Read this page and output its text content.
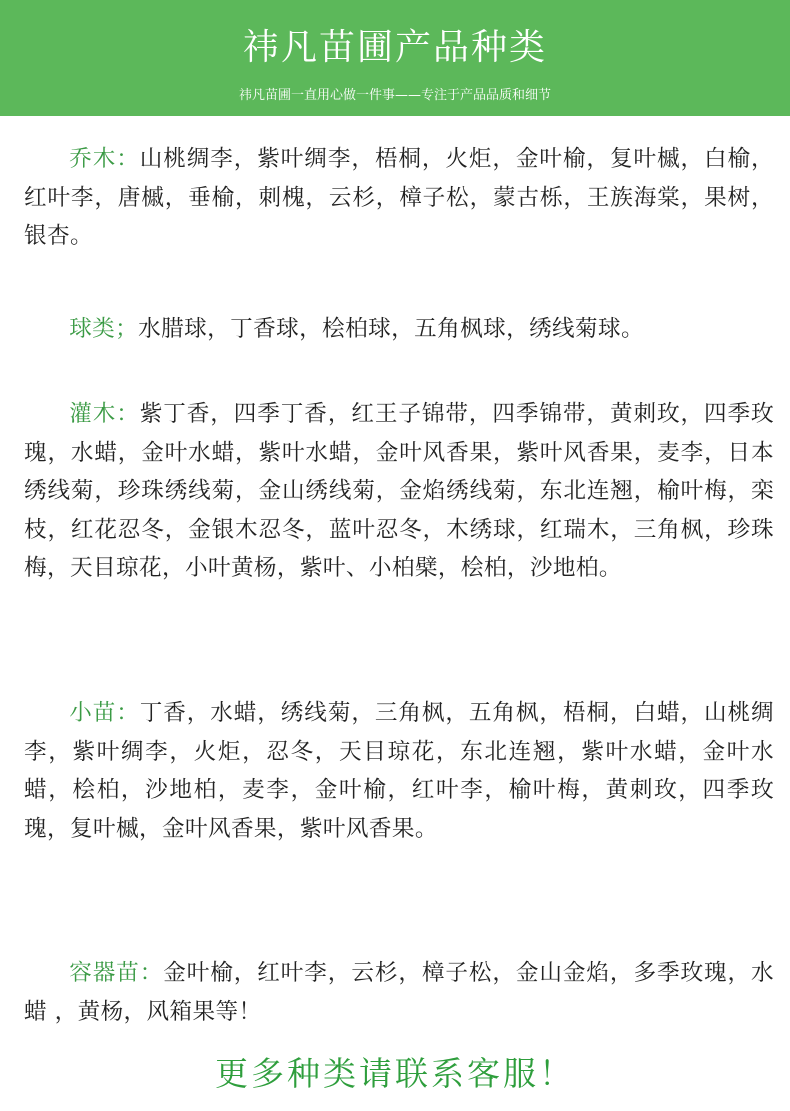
祎凡苗圃产品种类
祎凡苗圃一直用心做一件事——专注于产品品质和细节

乔木：山桃绸李，紫叶绸李，梧桐，火炬，金叶榆，复叶槭，白榆，红叶李，唐槭，垂榆，刺槐，云杉，樟子松，蒙古栎，王族海棠，果树，银杏。

球类；水腊球，丁香球，桧柏球，五角枫球，绣线菊球。

灌木：紫丁香，四季丁香，红王子锦带，四季锦带，黄刺玫，四季玫瑰，水蜡，金叶水蜡，紫叶水蜡，金叶风香果，紫叶风香果，麦李，日本绣线菊，珍珠绣线菊，金山绣线菊，金焰绣线菊，东北连翘，榆叶梅，栾枝，红花忍冬，金银木忍冬，蓝叶忍冬，木绣球，红瑞木，三角枫，珍珠梅，天目琼花，小叶黄杨，紫叶、小柏檗，桧柏，沙地柏。

小苗：丁香，水蜡，绣线菊，三角枫，五角枫，梧桐，白蜡，山桃绸李，紫叶绸李，火炬，忍冬，天目琼花，东北连翘，紫叶水蜡，金叶水蜡，桧柏，沙地柏，麦李，金叶榆，红叶李，榆叶梅，黄刺玫，四季玫瑰，复叶槭，金叶风香果，紫叶风香果。

容器苗：金叶榆，红叶李，云杉，樟子松，金山金焰，多季玫瑰，水蜡 ，黄杨，风箱果等！

更多种类请联系客服！
